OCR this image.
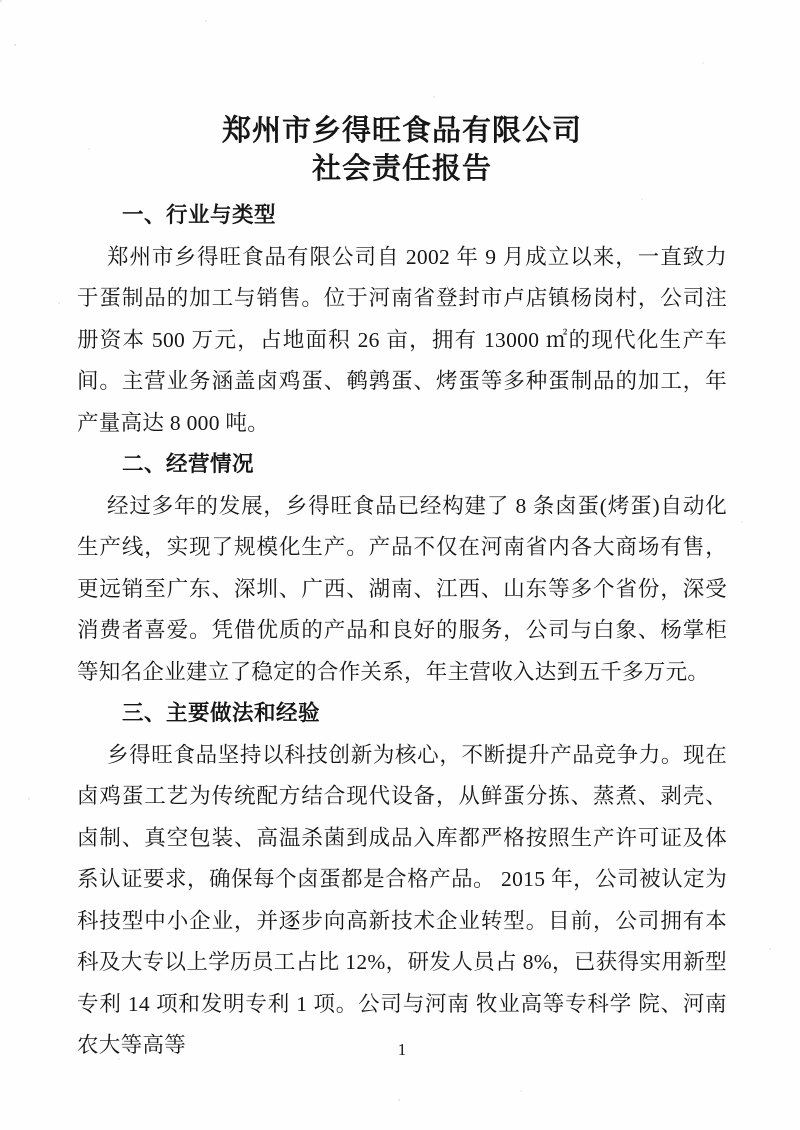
郑州市乡得旺食品有限公司
社会责任报告
一、行业与类型

郑州市乡得旺食品有限公司自 2002 年 9 月成立以来，一直致力于蛋制品的加工与销售。位于河南省登封市卢店镇杨岗村，公司注册资本 500 万元，占地面积 26 亩，拥有 13000 ㎡的现代化生产车间。主营业务涵盖卤鸡蛋、鹌鹑蛋、烤蛋等多种蛋制品的加工，年产量高达 8 000 吨。

二、经营情况

经过多年的发展，乡得旺食品已经构建了 8 条卤蛋(烤蛋)自动化生产线，实现了规模化生产。产品不仅在河南省内各大商场有售，更远销至广东、深圳、广西、湖南、江西、山东等多个省份，深受消费者喜爱。凭借优质的产品和良好的服务，公司与白象、杨掌柜 等知名企业建立了稳定的合作关系，年主营收入达到五千多万元。

三、主要做法和经验

乡得旺食品坚持以科技创新为核心，不断提升产品竞争力。现在卤鸡蛋工艺为传统配方结合现代设备，从鲜蛋分拣、蒸煮、剥壳、卤制、真空包装、高温杀菌到成品入库都严格按照生产许可证及体系认证要求，确保每个卤蛋都是合格产品。 2015 年，公司被认定为科技型中小企业，并逐步向高新技术企业转型。目前，公司拥有本科及大专以上学历员工占比 12%，研发人员占 8%，已获得实用新型专利 14 项和发明专利 1 项。公司与河南 牧业高等专科学 院、河南农大等高等	1
